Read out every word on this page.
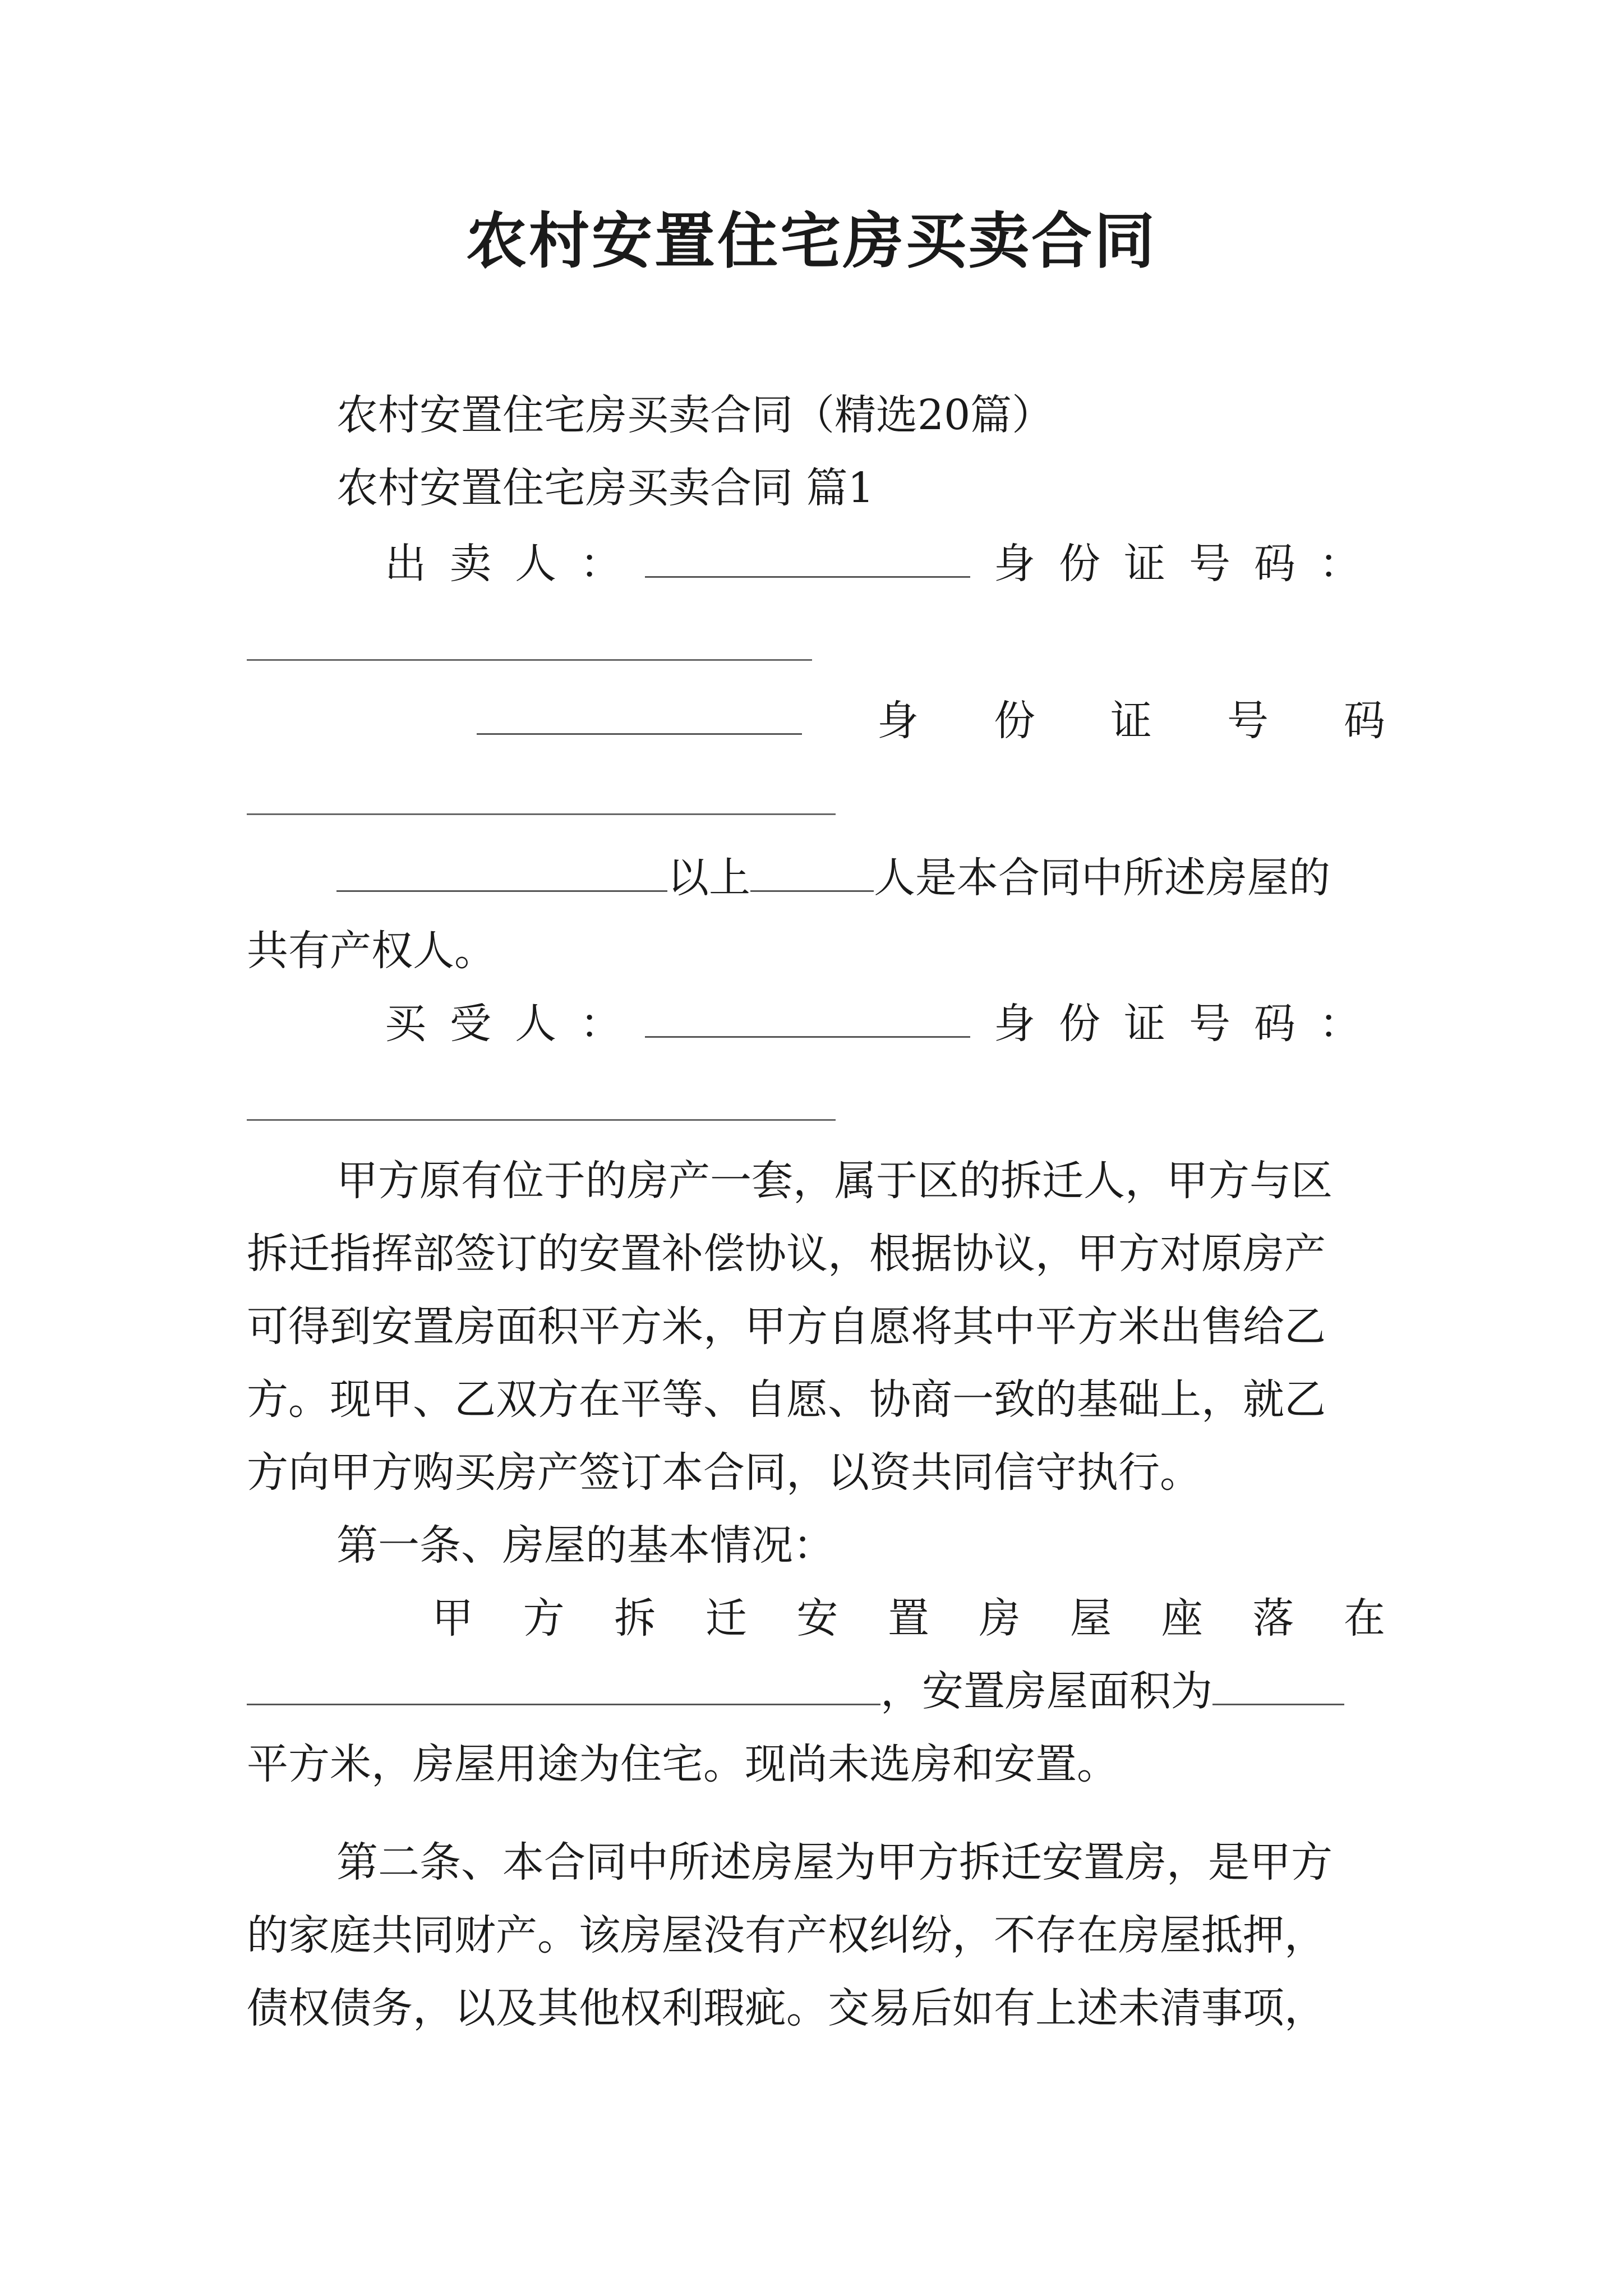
农村安置住宅房买卖合同
农村安置住宅房买卖合同（精选20篇）
农村安置住宅房买卖合同 篇1
出 卖 人 ：	身 份 证 号 码 ：
身 份 证 号 码
以上	人是本合同中所述房屋的
共有产权人。
买 受 人 ：	身 份 证 号 码 ：
甲方原有位于的房产一套，属于区的拆迁人，甲方与区
拆迁指挥部签订的安置补偿协议，根据协议，甲方对原房产
可得到安置房面积平方米，甲方自愿将其中平方米出售给乙
方。现甲、乙双方在平等、自愿、协商一致的基础上，就乙
方向甲方购买房产签订本合同，以资共同信守执行。
第一条、房屋的基本情况：
甲 方 拆 迁 安 置 房 屋 座 落 在
，安置房屋面积为
平方米，房屋用途为住宅。现尚未选房和安置。
第二条、本合同中所述房屋为甲方拆迁安置房，是甲方
的家庭共同财产。该房屋没有产权纠纷，不存在房屋抵押，
债权债务，以及其他权利瑕疵。交易后如有上述未清事项，
